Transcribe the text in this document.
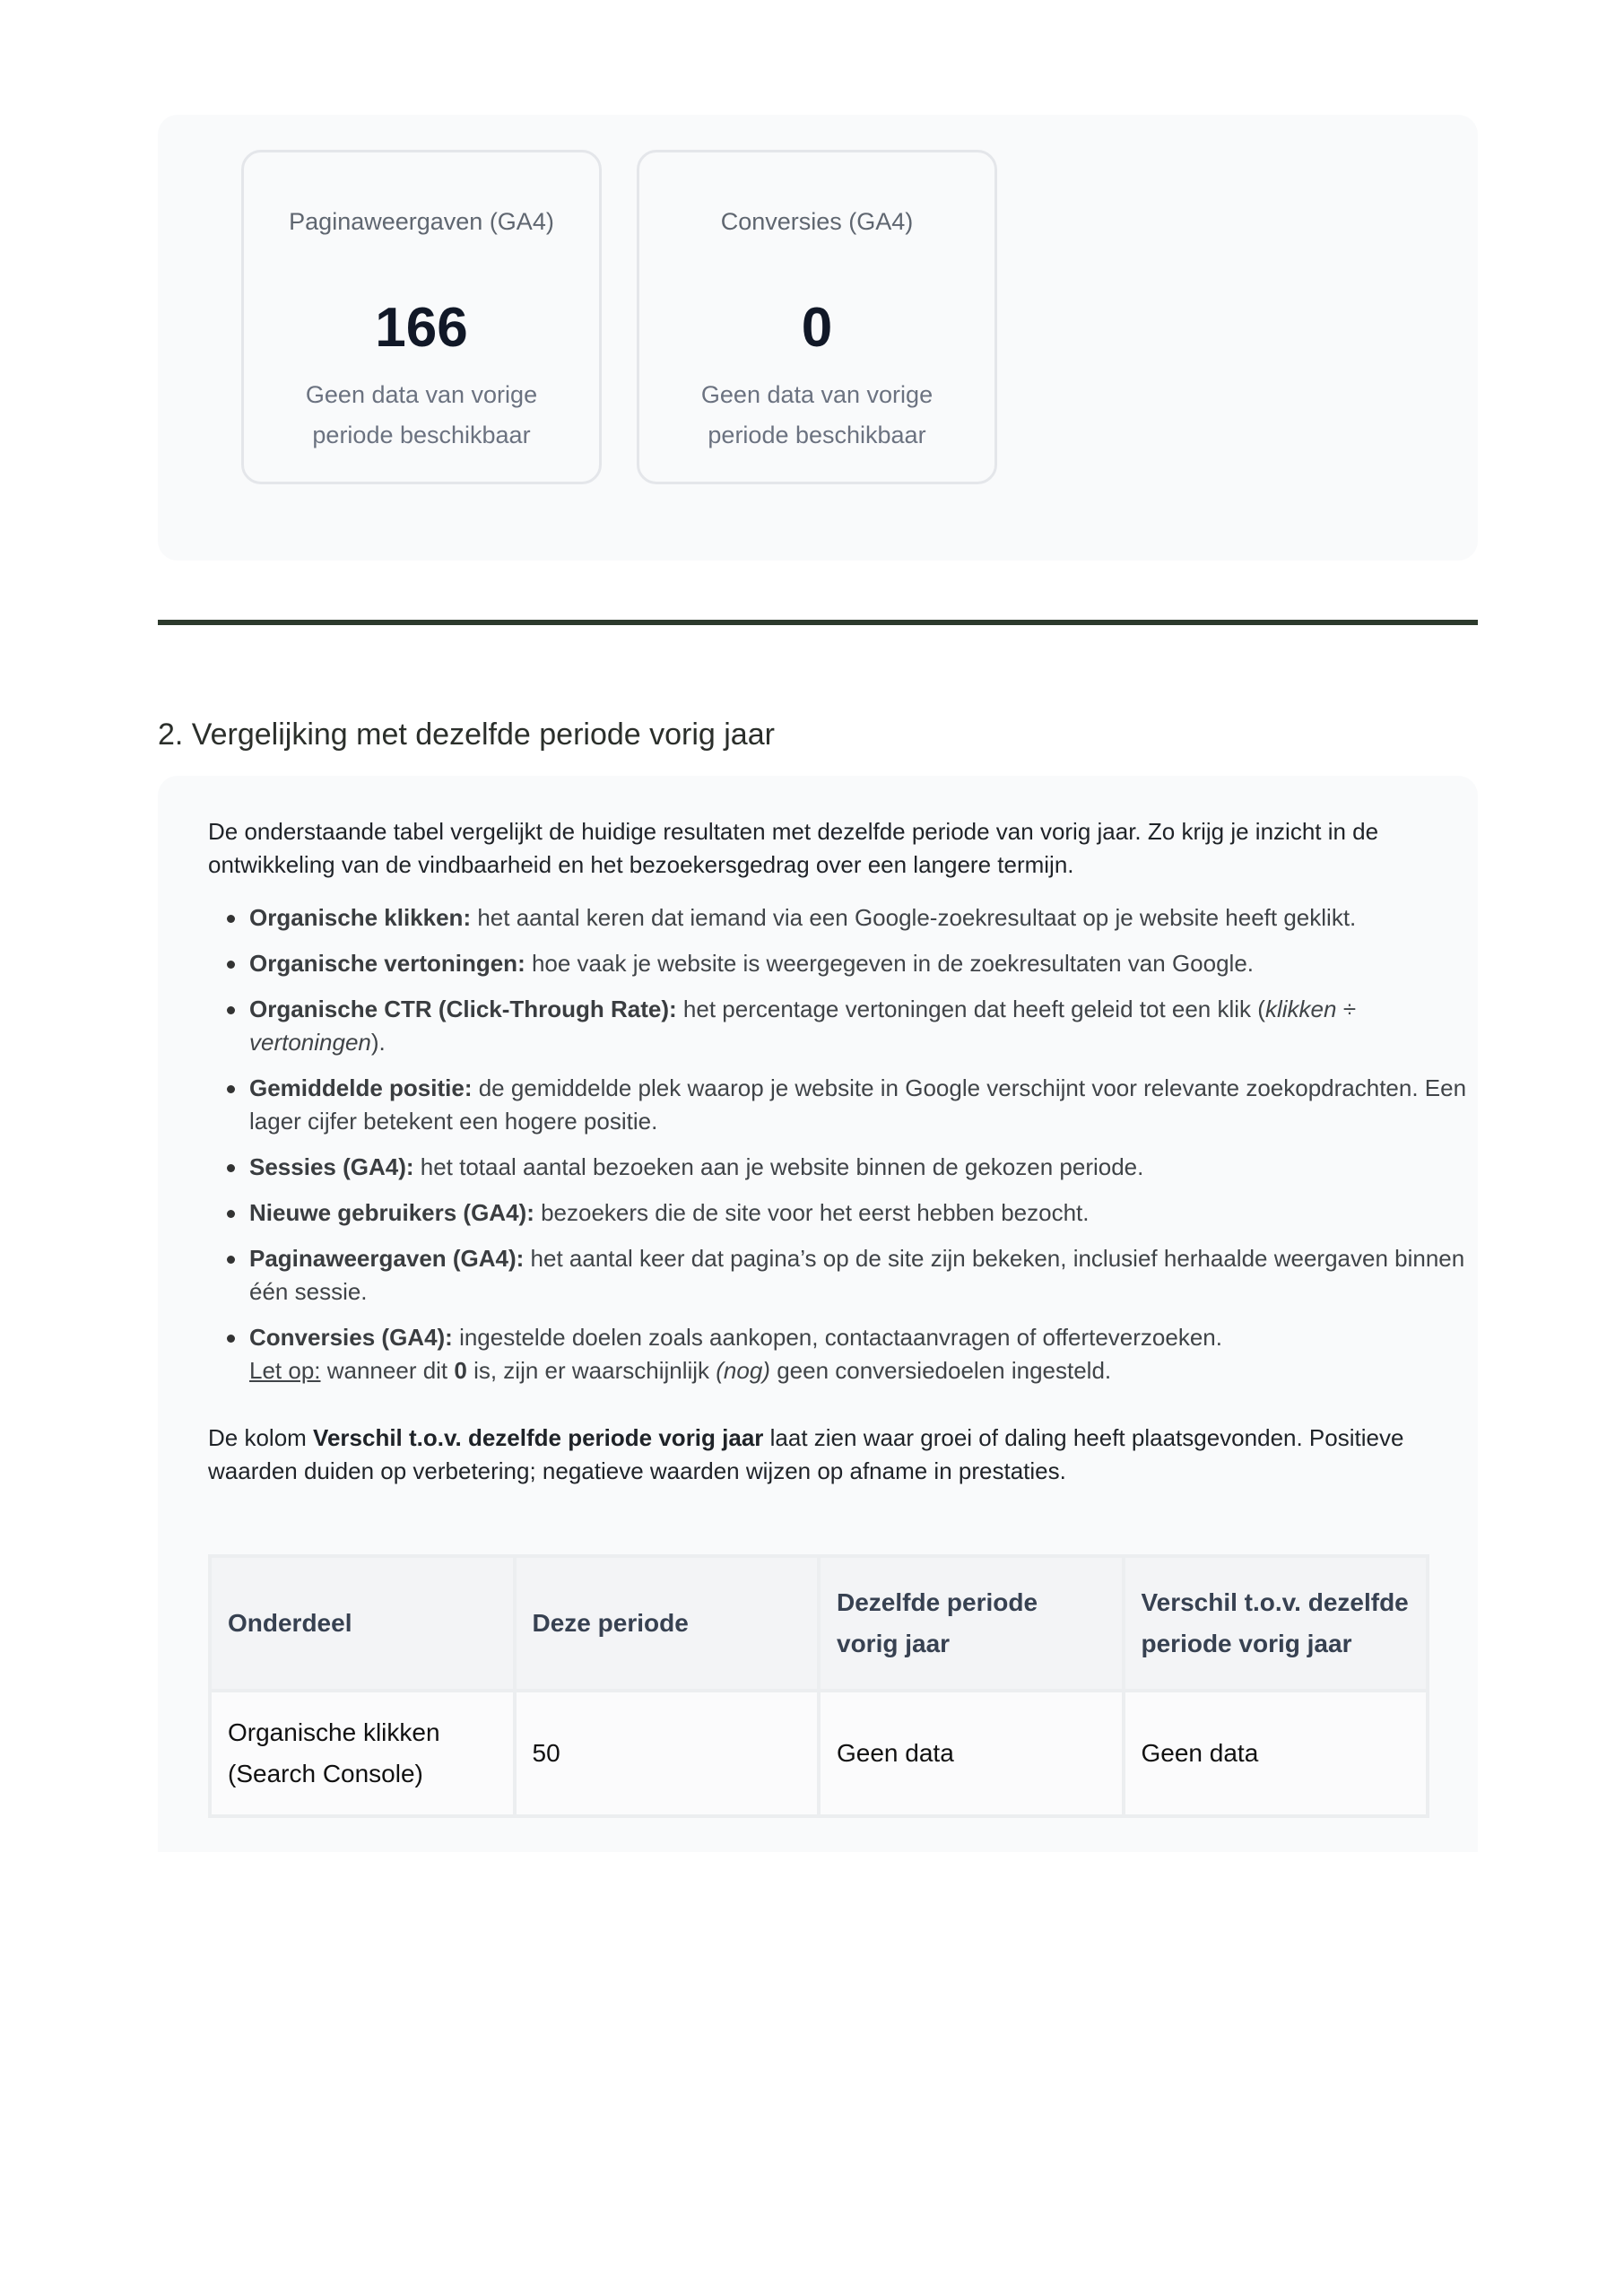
Paginaweergaven (GA4)
166
Geen data van vorige periode beschikbaar
Conversies (GA4)
0
Geen data van vorige periode beschikbaar
2. Vergelijking met dezelfde periode vorig jaar

De onderstaande tabel vergelijkt de huidige resultaten met dezelfde periode van vorig jaar. Zo krijg je inzicht in de ontwikkeling van de vindbaarheid en het bezoekersgedrag over een langere termijn.

Organische klikken: het aantal keren dat iemand via een Google-zoekresultaat op je website heeft geklikt.
Organische vertoningen: hoe vaak je website is weergegeven in de zoekresultaten van Google.
Organische CTR (Click-Through Rate): het percentage vertoningen dat heeft geleid tot een klik (klikken ÷ vertoningen).
Gemiddelde positie: de gemiddelde plek waarop je website in Google verschijnt voor relevante zoekopdrachten. Een lager cijfer betekent een hogere positie.
Sessies (GA4): het totaal aantal bezoeken aan je website binnen de gekozen periode.
Nieuwe gebruikers (GA4): bezoekers die de site voor het eerst hebben bezocht.
Paginaweergaven (GA4): het aantal keer dat pagina’s op de site zijn bekeken, inclusief herhaalde weergaven binnen één sessie.
Conversies (GA4): ingestelde doelen zoals aankopen, contactaanvragen of offerteverzoeken.
Let op: wanneer dit 0 is, zijn er waarschijnlijk (nog) geen conversiedoelen ingesteld.

De kolom Verschil t.o.v. dezelfde periode vorig jaar laat zien waar groei of daling heeft plaatsgevonden. Positieve waarden duiden op verbetering; negatieve waarden wijzen op afname in prestaties.

Onderdeel	Deze periode	Dezelfde periode vorig jaar	Verschil t.o.v. dezelfde periode vorig jaar
Organische klikken (Search Console)	50	Geen data	Geen data
